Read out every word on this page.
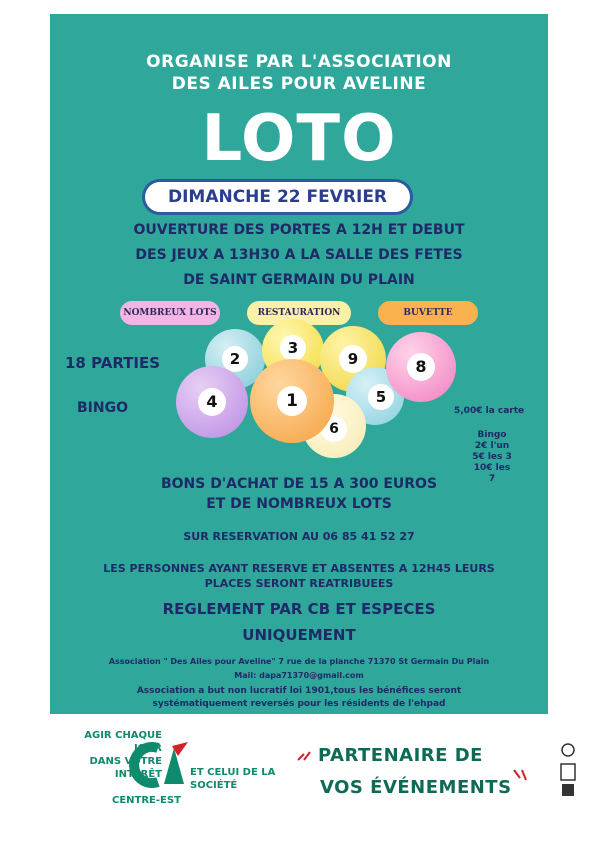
ORGANISE PAR L'ASSOCIATION
DES AILES POUR AVELINE
LOTO
DIMANCHE 22 FEVRIER
OUVERTURE DES PORTES A 12H ET DEBUT
DES JEUX A 13H30 A LA SALLE DES FETES
DE SAINT GERMAIN DU PLAIN
NOMBREUX LOTS	RESTAURATION	BUVETTE
18 PARTIES
BINGO
2
3
9
5
8
4
6
1	5,00€ la carte
Bingo
2€ l'un
5€ les 3
10€ les 7
BONS D'ACHAT DE 15 A 300 EUROS
ET DE NOMBREUX LOTS
SUR RESERVATION AU 06 85 41 52 27
LES PERSONNES AYANT RESERVE ET ABSENTES A 12H45 LEURS
PLACES SERONT REATRIBUEES
REGLEMENT PAR CB ET ESPECES
UNIQUEMENT
Association " Des Ailes pour Aveline" 7 rue de la planche 71370 St Germain Du Plain
Mail: dapa71370@gmail.com
Association a but non lucratif loi 1901,tous les bénéfices seront
systématiquement reversés pour les résidents de l'ehpad
AGIR CHAQUE JOUR
DANS VOTRE
INTÉRÊT	ET CELUI DE LA
SOCIÉTÉ
CENTRE-EST
PARTENAIRE DE
VOS ÉVÉNEMENTS
